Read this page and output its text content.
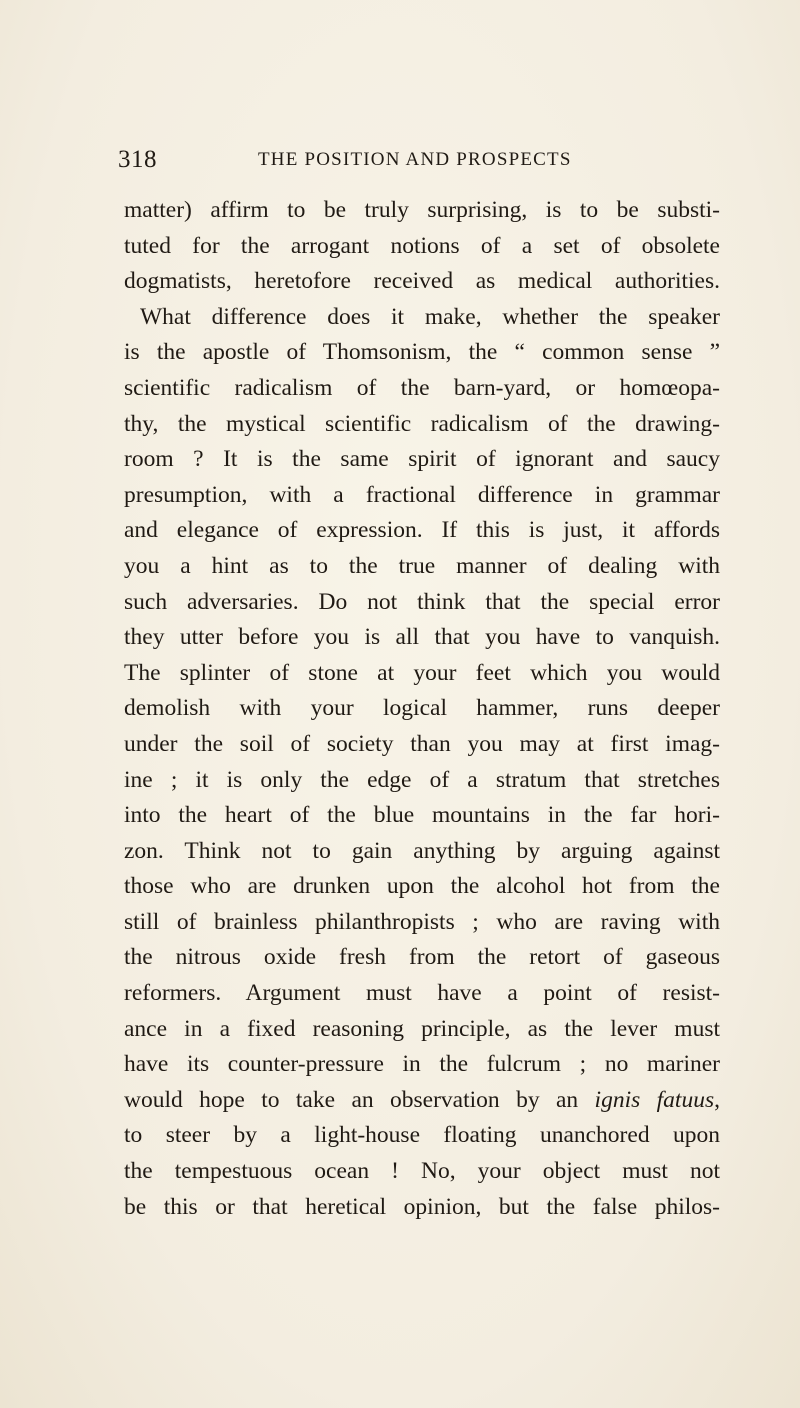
318	THE POSITION AND PROSPECTS
matter) affirm to be truly surprising, is to be substi-
tuted for the arrogant notions of a set of obsolete
dogmatists, heretofore received as medical authorities.
What difference does it make, whether the speaker
is the apostle of Thomsonism, the “ common sense ”
scientific radicalism of the barn-yard, or homœopa-
thy, the mystical scientific radicalism of the drawing-
room ? It is the same spirit of ignorant and saucy
presumption, with a fractional difference in grammar
and elegance of expression. If this is just, it affords
you a hint as to the true manner of dealing with
such adversaries. Do not think that the special error
they utter before you is all that you have to vanquish.
The splinter of stone at your feet which you would
demolish with your logical hammer, runs deeper
under the soil of society than you may at first imag-
ine ; it is only the edge of a stratum that stretches
into the heart of the blue mountains in the far hori-
zon. Think not to gain anything by arguing against
those who are drunken upon the alcohol hot from the
still of brainless philanthropists ; who are raving with
the nitrous oxide fresh from the retort of gaseous
reformers. Argument must have a point of resist-
ance in a fixed reasoning principle, as the lever must
have its counter-pressure in the fulcrum ; no mariner
would hope to take an observation by an ignis fatuus,
to steer by a light-house floating unanchored upon
the tempestuous ocean ! No, your object must not
be this or that heretical opinion, but the false philos-
